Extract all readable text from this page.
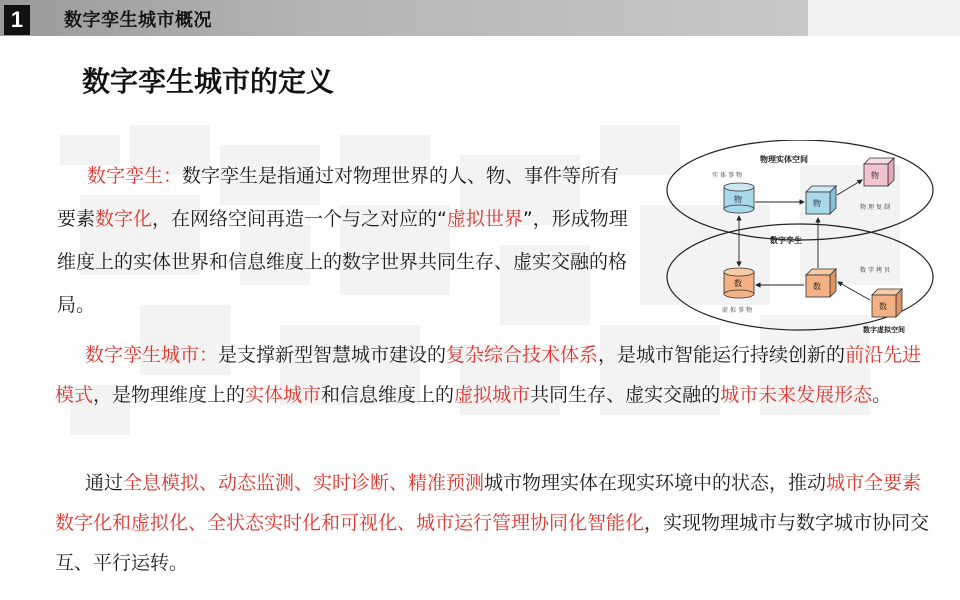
1	数字孪生城市概况
数字孪生城市的定义
数字孪生：数字孪生是指通过对物理世界的人、物、事件等所有要素数字化，在网络空间再造一个与之对应的“虚拟世界”，形成物理维度上的实体世界和信息维度上的数字世界共同生存、虚实交融的格局。
数字孪生城市：是支撑新型智慧城市建设的复杂综合技术体系，是城市智能运行持续创新的前沿先进模式，是物理维度上的实体城市和信息维度上的虚拟城市共同生存、虚实交融的城市未来发展形态。
通过全息模拟、动态监测、实时诊断、精准预测城市物理实体在现实环境中的状态，推动城市全要素数字化和虚拟化、全状态实时化和可视化、城市运行管理协同化智能化，实现物理城市与数字城市协同交互、平行运转。
物理实体空间
实体事物
物理复制
数字孪生
数字拷贝
虚拟事物
数字虚拟空间
物	物
物
数	数
数
